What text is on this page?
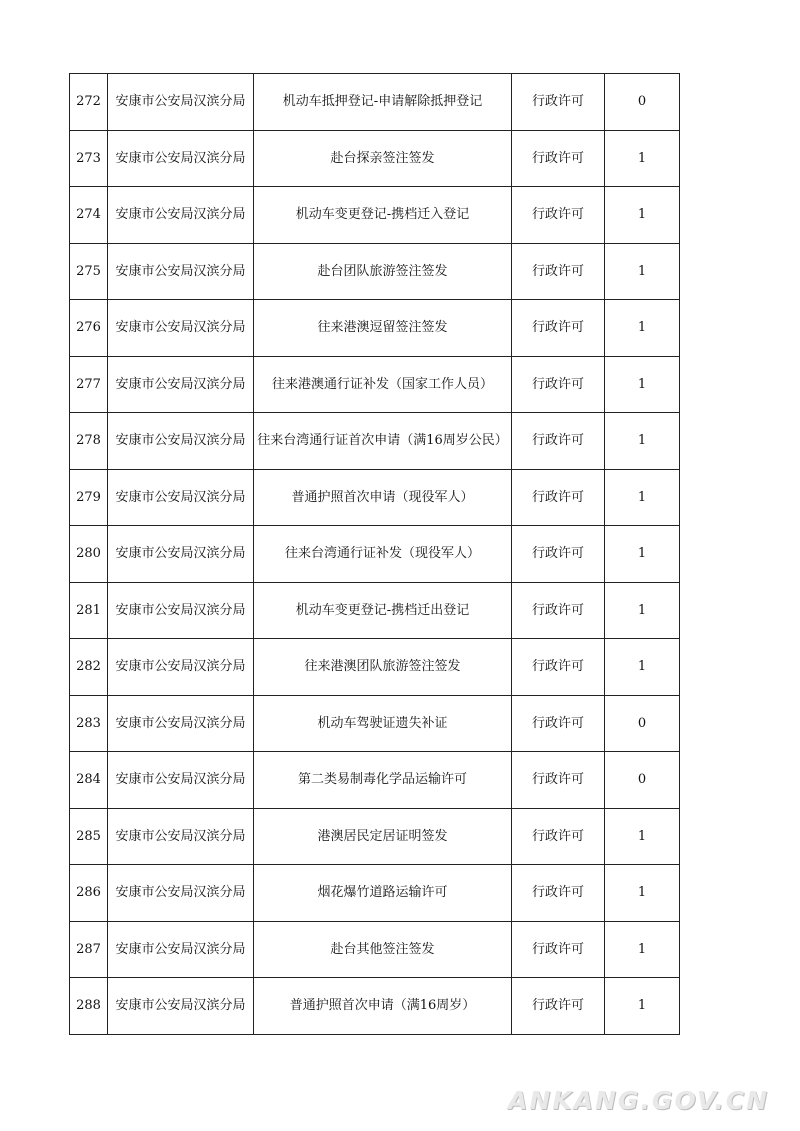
272	安康市公安局汉滨分局	机动车抵押登记-申请解除抵押登记	行政许可	0
273	安康市公安局汉滨分局	赴台探亲签注签发	行政许可	1
274	安康市公安局汉滨分局	机动车变更登记-携档迁入登记	行政许可	1
275	安康市公安局汉滨分局	赴台团队旅游签注签发	行政许可	1
276	安康市公安局汉滨分局	往来港澳逗留签注签发	行政许可	1
277	安康市公安局汉滨分局	往来港澳通行证补发（国家工作人员）	行政许可	1
278	安康市公安局汉滨分局	往来台湾通行证首次申请（满16周岁公民）	行政许可	1
279	安康市公安局汉滨分局	普通护照首次申请（现役军人）	行政许可	1
280	安康市公安局汉滨分局	往来台湾通行证补发（现役军人）	行政许可	1
281	安康市公安局汉滨分局	机动车变更登记-携档迁出登记	行政许可	1
282	安康市公安局汉滨分局	往来港澳团队旅游签注签发	行政许可	1
283	安康市公安局汉滨分局	机动车驾驶证遗失补证	行政许可	0
284	安康市公安局汉滨分局	第二类易制毒化学品运输许可	行政许可	0
285	安康市公安局汉滨分局	港澳居民定居证明签发	行政许可	1
286	安康市公安局汉滨分局	烟花爆竹道路运输许可	行政许可	1
287	安康市公安局汉滨分局	赴台其他签注签发	行政许可	1
288	安康市公安局汉滨分局	普通护照首次申请（满16周岁）	行政许可	1
ANKANG.GOV.CN
